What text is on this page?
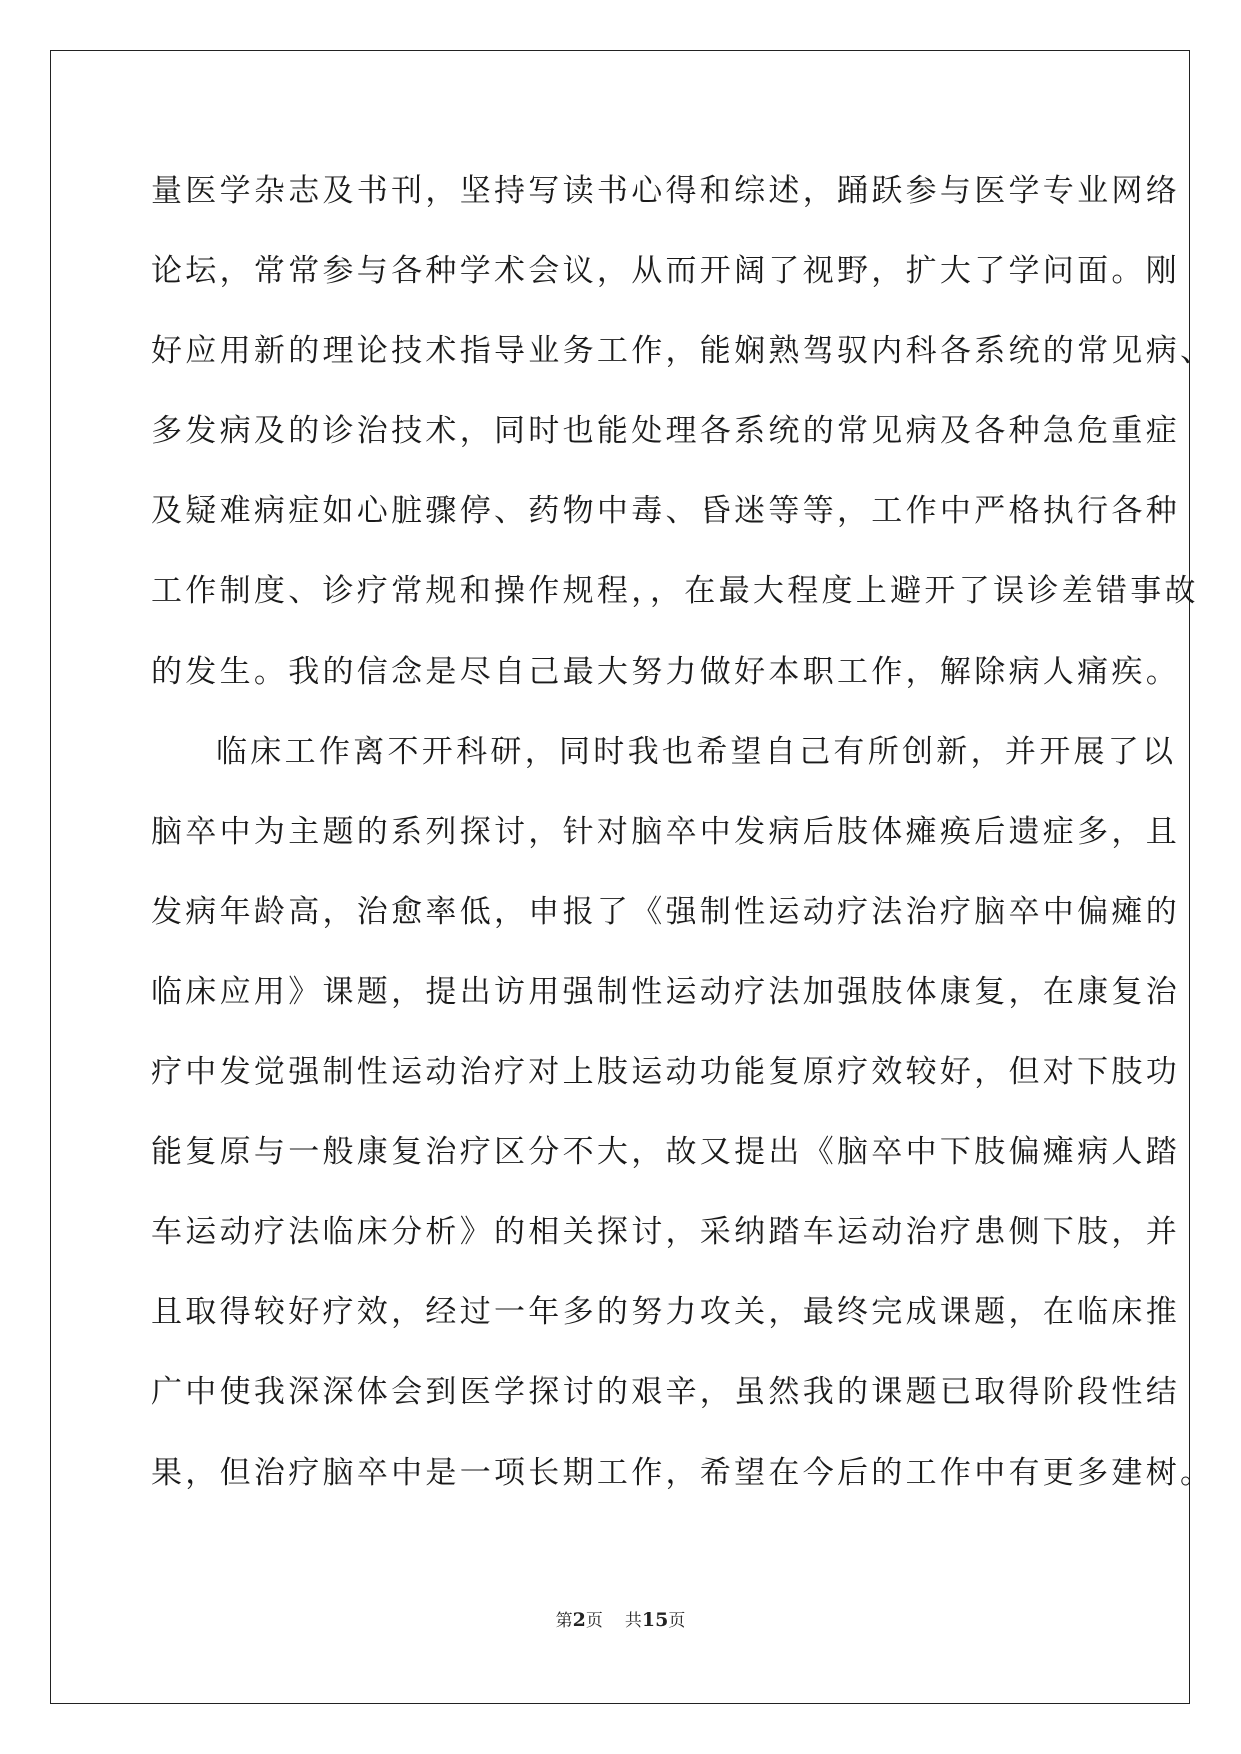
量医学杂志及书刊，坚持写读书心得和综述，踊跃参与医学专业网络
论坛，常常参与各种学术会议，从而开阔了视野，扩大了学问面。刚
好应用新的理论技术指导业务工作，能娴熟驾驭内科各系统的常见病、
多发病及的诊治技术，同时也能处理各系统的常见病及各种急危重症
及疑难病症如心脏骤停、药物中毒、昏迷等等，工作中严格执行各种
工作制度、诊疗常规和操作规程，，在最大程度上避开了误诊差错事故
的发生。我的信念是尽自己最大努力做好本职工作，解除病人痛疾。
临床工作离不开科研，同时我也希望自己有所创新，并开展了以
脑卒中为主题的系列探讨，针对脑卒中发病后肢体瘫痪后遗症多，且
发病年龄高，治愈率低，申报了《强制性运动疗法治疗脑卒中偏瘫的
临床应用》课题，提出访用强制性运动疗法加强肢体康复，在康复治
疗中发觉强制性运动治疗对上肢运动功能复原疗效较好，但对下肢功
能复原与一般康复治疗区分不大，故又提出《脑卒中下肢偏瘫病人踏
车运动疗法临床分析》的相关探讨，采纳踏车运动治疗患侧下肢，并
且取得较好疗效，经过一年多的努力攻关，最终完成课题，在临床推
广中使我深深体会到医学探讨的艰辛，虽然我的课题已取得阶段性结
果，但治疗脑卒中是一项长期工作，希望在今后的工作中有更多建树。
第2页 共15页
